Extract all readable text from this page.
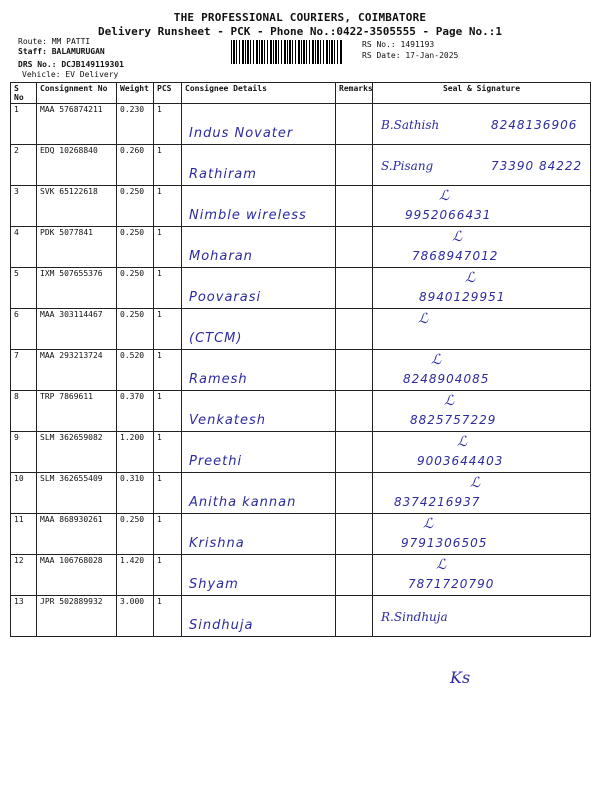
THE PROFESSIONAL COURIERS, COIMBATORE
Delivery Runsheet - PCK - Phone No.:0422-3505555 - Page No.:1
Route: MM PATTI
Staff: BALAMURUGAN
DRS No.: DCJB149119301
Vehicle: EV Delivery
RS No.: 1491193
RS Date: 17-Jan-2025
S No	Consignment No	Weight	PCS	Consignee Details	Remarks	Seal & Signature
1	MAA 576874211	0.230	1	Indus Novater		B.Sathish 8248136906

2	EDQ 10268840	0.260	1	Rathiram		S.Pisang 73390 84222

3	SVK 65122618	0.250	1	Nimble wireless		ℒ
9952066431

4	PDK 5077841	0.250	1	Moharan		ℒ
7868947012

5	IXM 507655376	0.250	1	Poovarasi		ℒ
8940129951

6	MAA 303114467	0.250	1	(CTCM)		ℒ

7	MAA 293213724	0.520	1	Ramesh		ℒ
8248904085

8	TRP 7869611	0.370	1	Venkatesh		ℒ
8825757229

9	SLM 362659082	1.200	1	Preethi		ℒ
9003644403

10	SLM 362655409	0.310	1	Anitha kannan		ℒ
8374216937

11	MAA 868930261	0.250	1	Krishna		ℒ
9791306505

12	MAA 106768028	1.420	1	Shyam		ℒ
7871720790

13	JPR 502889932	3.000	1	Sindhuja		R.Sindhuja
Ks
